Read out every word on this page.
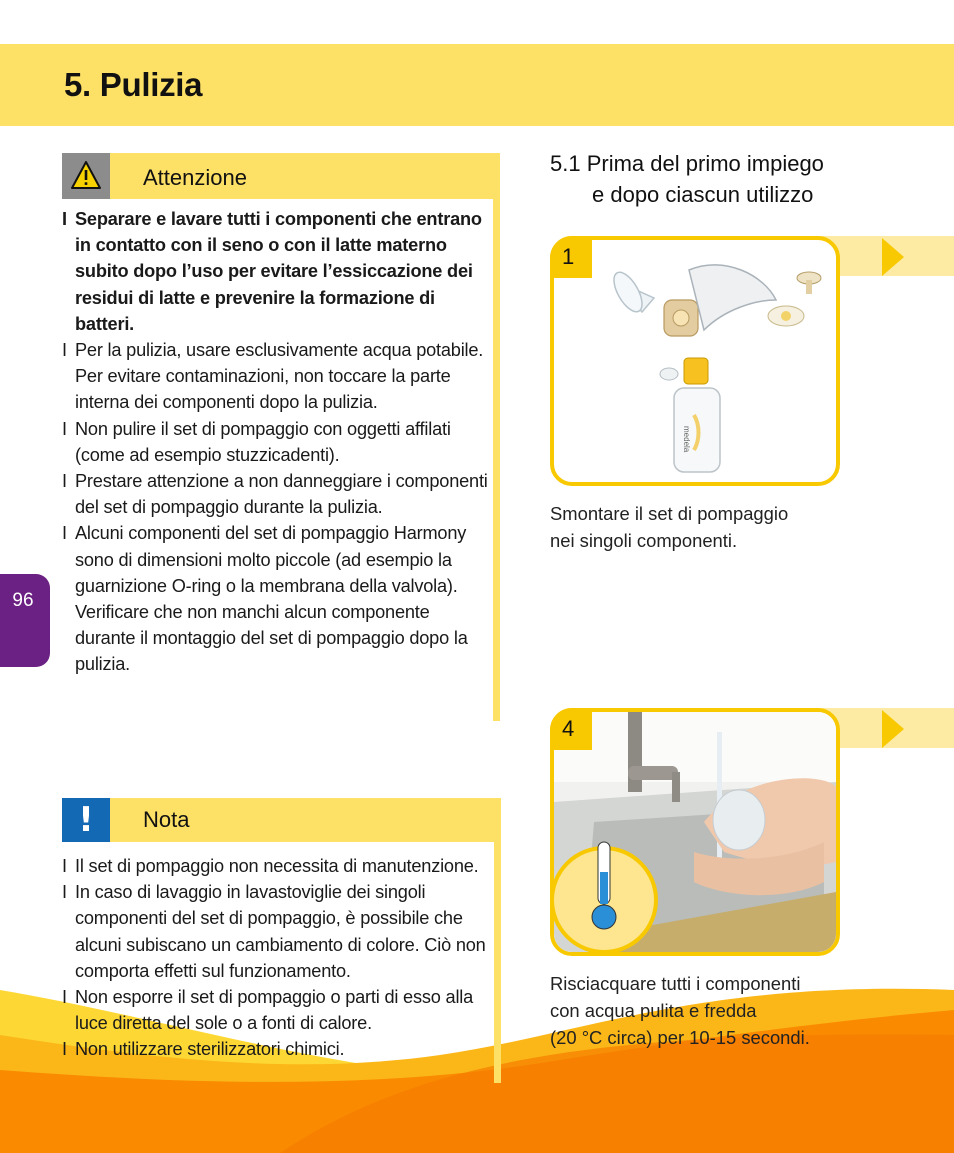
5. Pulizia
96
Attenzione
I Separare e lavare tutti i componenti che entrano in contatto con il seno o con il latte materno subito dopo l’uso per evitare l’essiccazione dei residui di latte e prevenire la formazione di batteri.
I Per la pulizia, usare esclusivamente acqua potabile. Per evitare contaminazioni, non toccare la parte interna dei componenti dopo la pulizia.
I Non pulire il set di pompaggio con oggetti affilati (come ad esempio stuzzicadenti).
I Prestare attenzione a non danneggiare i componenti del set di pompaggio durante la pulizia.
I Alcuni componenti del set di pompaggio Harmony sono di dimensioni molto piccole (ad esempio la guarnizione O-ring o la membrana della valvola). Verificare che non manchi alcun componente durante il montaggio del set di pompaggio dopo la pulizia.
!	Nota
I Il set di pompaggio non necessita di manutenzione.
I In caso di lavaggio in lavastoviglie dei singoli componenti del set di pompaggio, è possibile che alcuni subiscano un cambiamento di colore. Ciò non comporta effetti sul funzionamento.
I Non esporre il set di pompaggio o parti di esso alla luce diretta del sole o a fonti di calore.
I Non utilizzare sterilizzatori chimici.
5.1 Prima del primo impiego
e dopo ciascun utilizzo
medela
1
Smontare il set di pompaggio
nei singoli componenti.
4
Risciacquare tutti i componenti
con acqua pulita e fredda
(20 °C circa) per 10-15 secondi.
